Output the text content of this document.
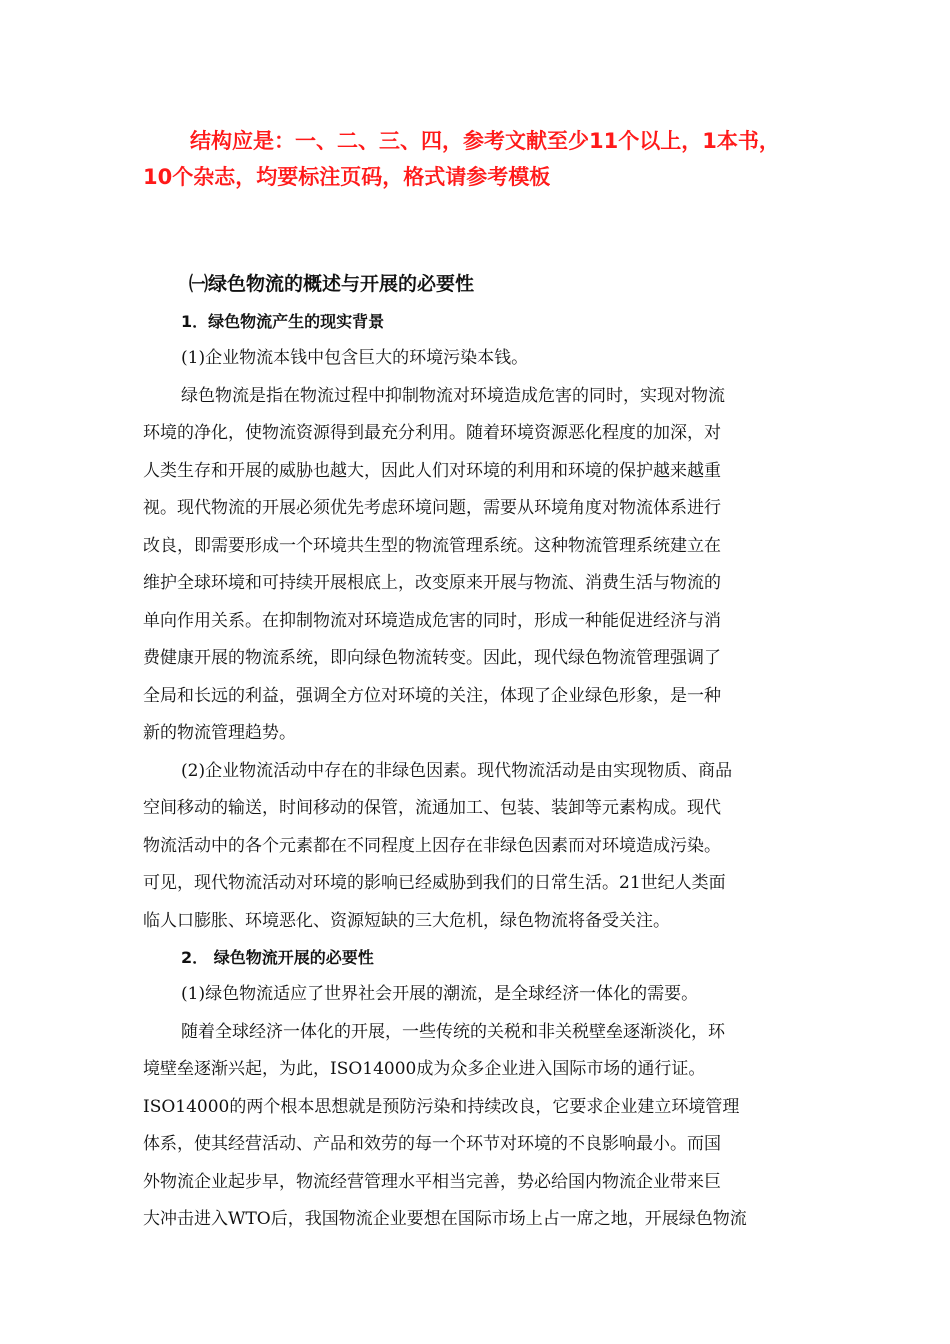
结构应是：一、二、三、四，参考文献至少11个以上，1本书，

10个杂志，均要标注页码，格式请参考模板

㈠绿色物流的概述与开展的必要性

1．绿色物流产生的现实背景

(1)企业物流本钱中包含巨大的环境污染本钱。

绿色物流是指在物流过程中抑制物流对环境造成危害的同时，实现对物流

环境的净化，使物流资源得到最充分利用。随着环境资源恶化程度的加深，对

人类生存和开展的威胁也越大，因此人们对环境的利用和环境的保护越来越重

视。现代物流的开展必须优先考虑环境问题，需要从环境角度对物流体系进行

改良，即需要形成一个环境共生型的物流管理系统。这种物流管理系统建立在

维护全球环境和可持续开展根底上，改变原来开展与物流、消费生活与物流的

单向作用关系。在抑制物流对环境造成危害的同时，形成一种能促进经济与消

费健康开展的物流系统，即向绿色物流转变。因此，现代绿色物流管理强调了

全局和长远的利益，强调全方位对环境的关注，体现了企业绿色形象，是一种

新的物流管理趋势。

(2)企业物流活动中存在的非绿色因素。现代物流活动是由实现物质、商品

空间移动的输送，时间移动的保管，流通加工、包装、装卸等元素构成。现代

物流活动中的各个元素都在不同程度上因存在非绿色因素而对环境造成污染。

可见，现代物流活动对环境的影响已经威胁到我们的日常生活。21世纪人类面

临人口膨胀、环境恶化、资源短缺的三大危机，绿色物流将备受关注。

2． 绿色物流开展的必要性

(1)绿色物流适应了世界社会开展的潮流，是全球经济一体化的需要。

随着全球经济一体化的开展，一些传统的关税和非关税壁垒逐渐淡化，环

境壁垒逐渐兴起，为此，ISO14000成为众多企业进入国际市场的通行证。

ISO14000的两个根本思想就是预防污染和持续改良，它要求企业建立环境管理

体系，使其经营活动、产品和效劳的每一个环节对环境的不良影响最小。而国

外物流企业起步早，物流经营管理水平相当完善，势必给国内物流企业带来巨

大冲击进入WTO后，我国物流企业要想在国际市场上占一席之地，开展绿色物流
